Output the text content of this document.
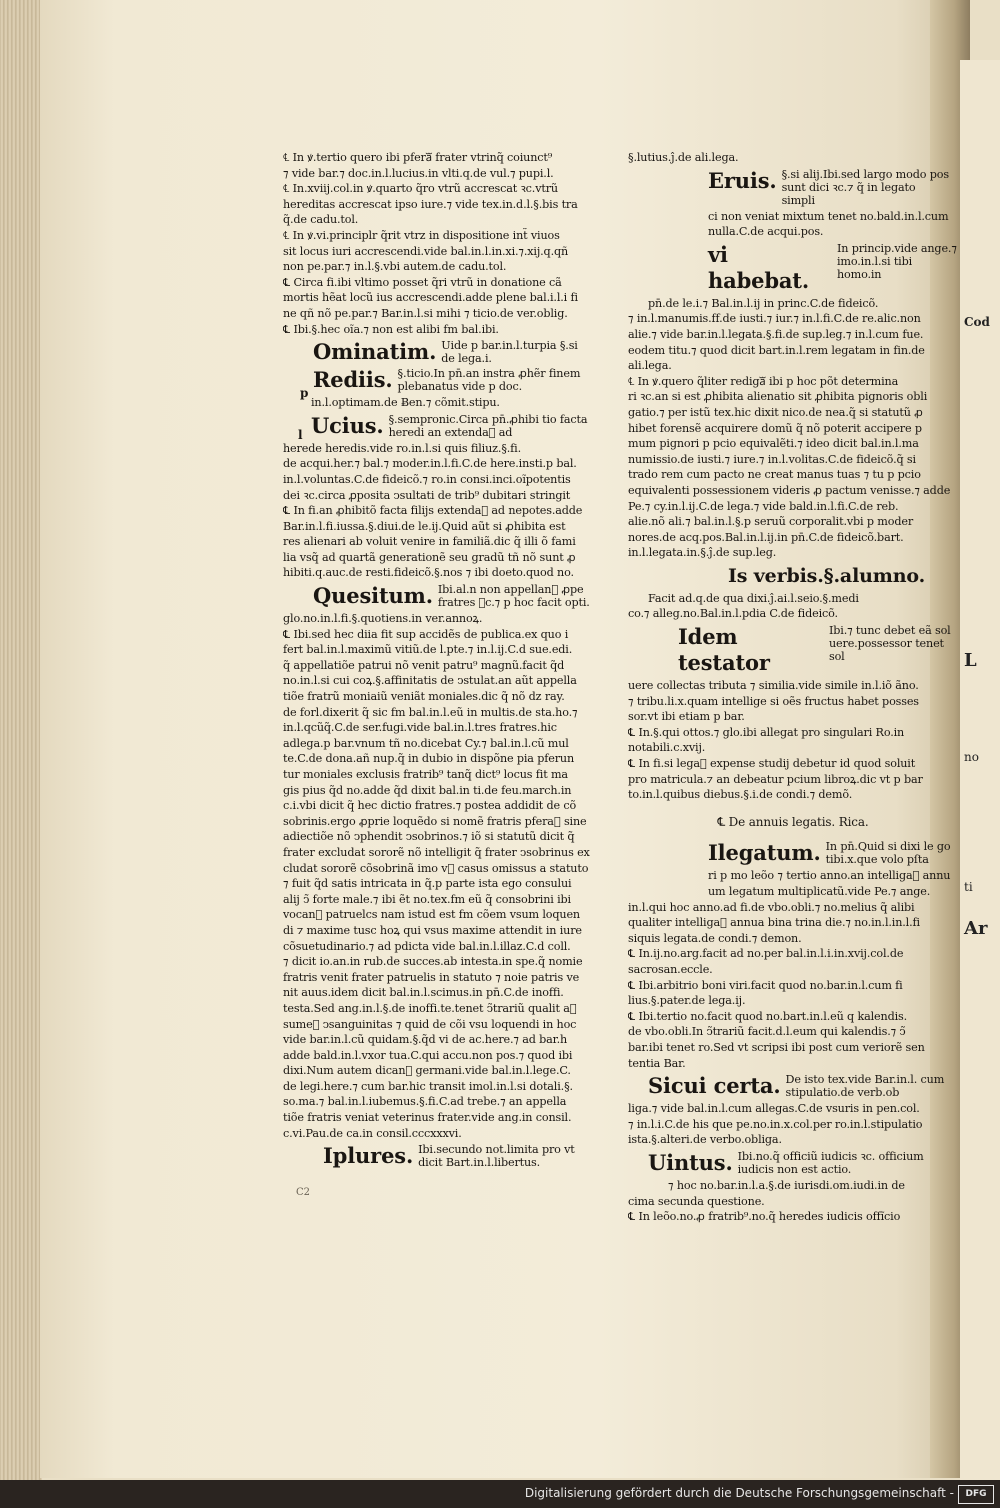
Cod
L
no
ti
Ar
p
l
℄ In ꝟ.tertio quero ibi pferaᷓ frater vtrinq̃ coiunct⁹
⁊ vide bar.⁊ doc.in.l.lucius.in vlti.q.de vul.⁊ pupi.l.
℄ In.xviij.col.in ꝟ.quarto q̃ro vtrũ accrescat ꝛc.vtrũ
hereditas accrescat ipso iure.⁊ vide tex.in.d.l.§.bis tra
q̃.de cadu.tol.
℄ In ꝟ.vi.principlr q̃rit vtrz in dispositione int̃ viuos
sit locus iuri accrescendi.vide bal.in.l.in.xi.⁊.xij.q.qñ
non pe.par.⁊ in.l.§.vbi autem.de cadu.tol.
℄ Circa fi.ibi vltimo posset q̃ri vtrũ in donatione cã
mortis hẽat locũ ius accrescendi.adde plene bal.i.l.i fi
ne qñ nõ pe.par.⁊ Bar.in.l.si mihi ⁊ ticio.de ver.oblig.
℄ Ibi.§.hec oĩa.⁊ non est alibi fm bal.ibi.
Ominatim. Uide p bar.in.l.turpia §.si de lega.i.
Rediis. §.ticio.In pn̄.an instra ꝓhẽr finem plebanatus vide p doc.
in.l.optimam.de Ƀen.⁊ cõmit.stipu.
Ucius. §.sempronic.Circa pn̄.ꝓhibi tio facta heredi an extendaᷓ ad
herede heredis.vide ro.in.l.si quis filiuz.§.fi.
de acqui.her.⁊ bal.⁊ moder.in.l.fi.C.de here.insti.p bal.
in.l.voluntas.C.de fideicõ.⁊ ro.in consi.inci.oĩpotentis
dei ꝛc.circa ꝓposita ↄsultati de trib⁹ dubitari stringit
℄ In fi.an ꝓhibitõ facta filijs extendaᷓ ad nepotes.adde
Bar.in.l.fi.iussa.§.diui.de le.ij.Quid aũt si ꝓhibita est
res alienari ab voluit venire in familiã.dic q̃ illi õ fami
lia vsq̃ ad quartã generationẽ seu gradũ tñ nõ sunt ꝓ
hibiti.q.auc.de resti.fideicõ.§.nos ⁊ ibi doeto.quod no.
Quesitum. Ibi.al.n non appellanᷓ ꝓpe fratres ꝛc.⁊ p hoc facit opti.
glo.no.in.l.fi.§.quotiens.in ver.annoꝝ.
℄ Ibi.sed hec diia fit sup accidẽs de publica.ex quo i
fert bal.in.l.maximũ vitiũ.de l.pte.⁊ in.l.ij.C.d sue.edi.
q̃ appellatiõe patrui nõ venit patru⁹ magnũ.facit q̃d
no.in.l.si cui coꝝ.§.affinitatis de ↄstulat.an aũt appella
tiõe fratrũ moniaiũ veniãt moniales.dic q̃ nõ dz ray.
de forl.dixerit q̃ sic fm bal.in.l.eũ in multis.de sta.ho.⁊
in.l.qcũq̃.C.de ser.fugi.vide bal.in.l.tres fratres.hic
adlega.p bar.vnum tñ no.dicebat Cy.⁊ bal.in.l.cũ mul
te.C.de dona.añ nup.q̃ in dubio in dispõne pia pferun
tur moniales exclusis fratrib⁹ tanq̃ dict⁹ locus fit ma
gis pius q̃d no.adde q̃d dixit bal.in ti.de feu.march.in
c.i.vbi dicit q̃ hec dictio fratres.⁊ postea addidit de cõ
sobrinis.ergo ꝓprie loquẽdo si nomẽ fratris pferaᷓ sine
adiectiõe nõ ↄphendit ↄsobrinos.⁊ iõ si statutũ dicit q̃
frater excludat sororẽ nõ intelligit q̃ frater ↄsobrinus ex
cludat sororẽ cõsobrinã imo vᷓ casus omissus a statuto
⁊ fuit q̃d satis intricata in q̃.p parte ista ego consului
alij ↄ̃ forte male.⁊ ibi ẽt no.tex.fm eũ q̃ consobrini ibi
vocanᷓ patruelcs nam istud est fm cõem vsum loquen
di ⁊ maxime tusc hoꝝ qui vsus maxime attendit in iure
cõsuetudinario.⁊ ad pdicta vide bal.in.l.illaz.C.d coll.
⁊ dicit io.an.in rub.de succes.ab intesta.in spe.q̃ nomie
fratris venit frater patruelis in statuto ⁊ noie patris ve
nit auus.idem dicit bal.in.l.scimus.in pn̄.C.de inoffi.
testa.Sed ang.in.l.§.de inoffi.te.tenet ↄ̃trariũ qualit aᷓ
sumeᷓ ↄsanguinitas ⁊ quid de cõi vsu loquendi in hoc
vide bar.in.l.cũ quidam.§.q̃d vi de ac.here.⁊ ad bar.h
adde bald.in.l.vxor tua.C.qui accu.non pos.⁊ quod ibi
dixi.Num autem dicanᷓ germani.vide bal.in.l.lege.C.
de legi.here.⁊ cum bar.hic transit imol.in.l.si dotali.§.
so.ma.⁊ bal.in.l.iubemus.§.fi.C.ad trebe.⁊ an appella
tiõe fratris veniat veterinus frater.vide ang.in consil.
c.vi.Pau.de ca.in consil.cccxxxvi.
Iplures. Ibi.secundo not.limita pro vt dicit Bart.in.l.libertus.
C2
§.lutius.ĵ.de ali.lega.
Eruis. §.si alij.Ibi.sed largo modo pos sunt dici ꝛc.⁊ q̃ in legato simpli
ci non veniat mixtum tenet no.bald.in.l.cum
nulla.C.de acqui.pos.
vi habebat.
In princip.vide ange.⁊ imo.in.l.si tibi homo.in
pn̄.de le.i.⁊ Bal.in.l.ij in princ.C.de fideicõ.
⁊ in.l.manumis.ff.de iusti.⁊ iur.⁊ in.l.fi.C.de re.alic.non
alie.⁊ vide bar.in.l.legata.§.fi.de sup.leg.⁊ in.l.cum fue.
eodem titu.⁊ quod dicit bart.in.l.rem legatam in fin.de
ali.lega.
℄ In ꝟ.quero q̃liter redigaᷓ ibi p hoc põt determina
ri ꝛc.an si est ꝓhibita alienatio sit ꝓhibita pignoris obli
gatio.⁊ per istũ tex.hic dixit nico.de nea.q̃ si statutũ ꝓ
hibet forensẽ acquirere domũ q̃ nõ poterit accipere p
mum pignori p pcio equivalẽti.⁊ ideo dicit bal.in.l.ma
numissio.de iusti.⁊ iure.⁊ in.l.volitas.C.de fideicõ.q̃ si
trado rem cum pacto ne creat manus tuas ⁊ tu p pcio
equivalenti possessionem videris ꝓ pactum venisse.⁊ adde
Pe.⁊ cy.in.l.ij.C.de lega.⁊ vide bald.in.l.fi.C.de reb.
alie.nõ ali.⁊ bal.in.l.§.p seruũ corporalit.vbi p moder
nores.de acq.pos.Bal.in.l.ij.in pn̄.C.de fideicõ.bart.
in.l.legata.in.§.ĵ.de sup.leg.
Is verbis.§.alumno.
Facit ad.q.de qua dixi.ĵ.ai.l.seio.§.medi
co.⁊ alleg.no.Bal.in.l.pdia C.de fideicõ.
Idem testator
Ibi.⁊ tunc debet eã sol uere.possessor tenet sol
uere collectas tributa ⁊ similia.vide simile in.l.iõ ãno.
⁊ tribu.li.x.quam intellige si oẽs fructus habet posses
sor.vt ibi etiam p bar.
℄ In.§.qui ottos.⁊ glo.ibi allegat pro singulari Ro.in
notabili.c.xvij.
℄ In fi.si legaᷓ expense studij debetur id quod soluit
pro matricula.⁊ an debeatur pcium libroꝝ.dic vt p bar
to.in.l.quibus diebus.§.i.de condi.⁊ demõ.
℄ De annuis legatis. Rica.
Ilegatum. In pn̄.Quid si dixi le go tibi.x.que volo pſta
ri p mo leõo ⁊ tertio anno.an intelligaᷓ annu
um legatum multiplicatũ.vide Pe.⁊ ange.
in.l.qui hoc anno.ad fi.de vbo.obli.⁊ no.melius q̃ alibi
qualiter intelligaᷓ annua bina trina die.⁊ no.in.l.in.l.fi
siquis legata.de condi.⁊ demon.
℄ In.ij.no.arg.facit ad no.per bal.in.l.i.in.xvij.col.de
sacrosan.eccle.
℄ Ibi.arbitrio boni viri.facit quod no.bar.in.l.cum fi
lius.§.pater.de lega.ij.
℄ Ibi.tertio no.facit quod no.bart.in.l.eũ q kalendis.
de vbo.obli.In ↄ̃trariũ facit.d.l.eum qui kalendis.⁊ ↄ̃
bar.ibi tenet ro.Sed vt scripsi ibi post cum veriorẽ sen
tentia Bar.
Sicui certa. De isto tex.vide Bar.in.l. cum stipulatio.de verb.ob
liga.⁊ vide bal.in.l.cum allegas.C.de vsuris in pen.col.
⁊ in.l.i.C.de his que pe.no.in.x.col.per ro.in.l.stipulatio
ista.§.alteri.de verbo.obliga.
Uintus. Ibi.no.q̃ officiũ iudicis ꝛc. officium iudicis non est actio.
⁊ hoc no.bar.in.l.a.§.de iurisdi.om.iudi.in de
cima secunda questione.
℄ In leõo.no.ꝓ fratrib⁹.no.q̃ heredes iudicis offĩcio
Digitalisierung gefördert durch die Deutsche Forschungsgemeinschaft -	DFG
